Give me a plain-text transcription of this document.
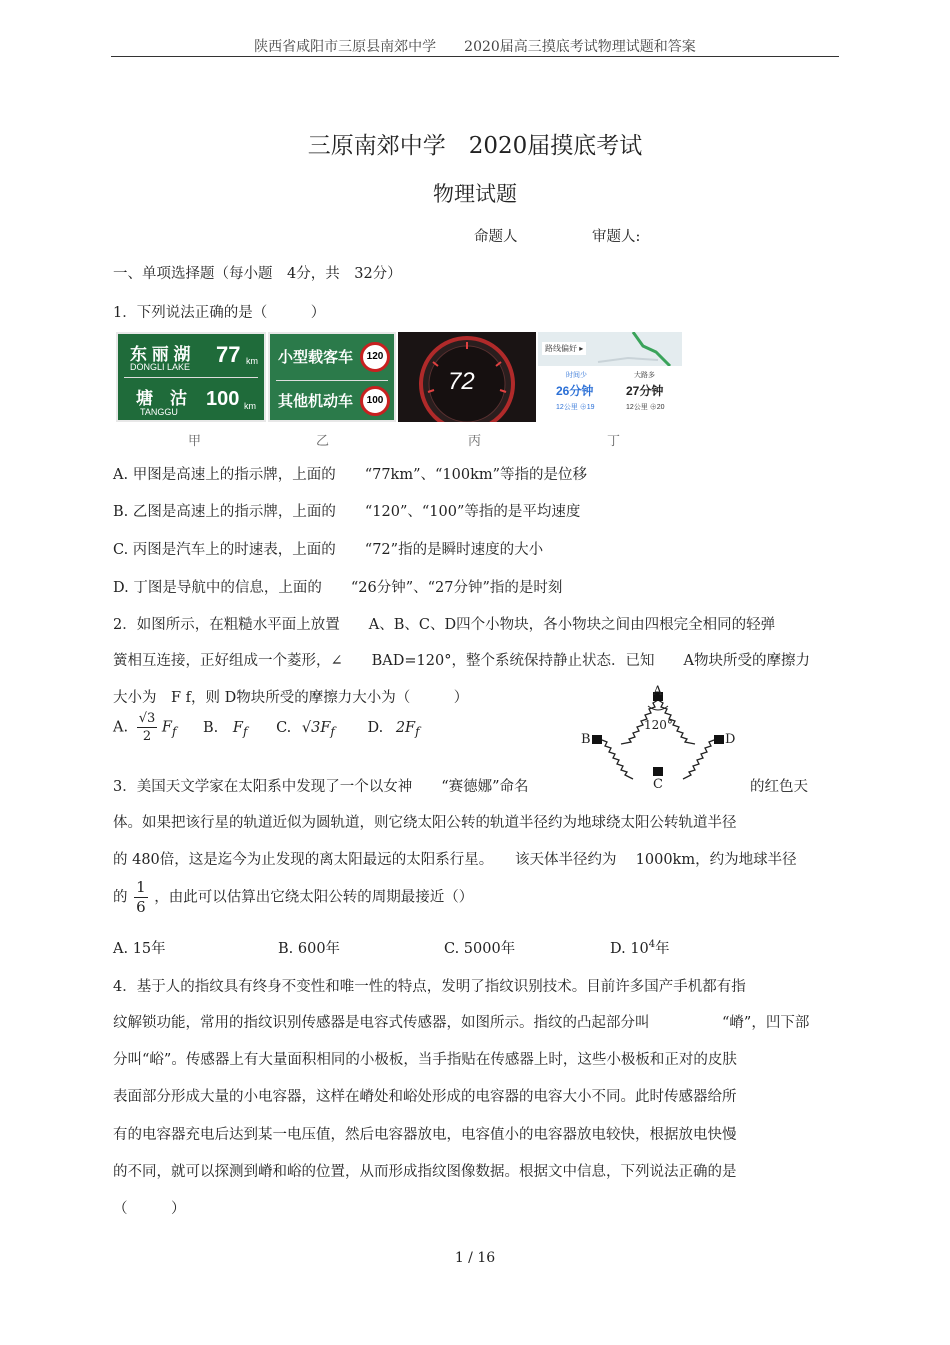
陕西省咸阳市三原县南郊中学　　2020届高三摸底考试物理试题和答案
三原南郊中学　2020届摸底考试
物理试题
命题人	审题人:
一、单项选择题（每小题　4分，共　32分）
1．下列说法正确的是（　　　）
东 丽 湖
DONGLI LAKE 77 km
塘　沽
TANGGU
100 km
小型载客车	120
其他机动车	100
72
路线偏好 ▸
时间少
26分钟
12公里 ⊕19
大路多
27分钟
12公里 ⊕20
甲	乙	丙	丁
A. 甲图是高速上的指示牌，上面的　　“77km”、“100km”等指的是位移
B. 乙图是高速上的指示牌，上面的　　“120”、“100”等指的是平均速度
C. 丙图是汽车上的时速表，上面的　　“72”指的是瞬时速度的大小
D. 丁图是导航中的信息，上面的　　“26分钟”、“27分钟”指的是时刻
2．如图所示，在粗糙水平面上放置　　A、B、C、D四个小物块，各小物块之间由四根完全相同的轻弹
簧相互连接，正好组成一个菱形，∠　　BAD=120°，整个系统保持静止状态．已知　　A物块所受的摩擦力
大小为　F f，则 D物块所受的摩擦力大小为（　　　）
A. $\frac{√3}{2} F_f$ B. $F_f$ C. $√3F_f$ D. $2F_f$
A
B	D
C
120°
3．美国天文学家在太阳系中发现了一个以女神　　“赛德娜”命名	的红色天
体。如果把该行星的轨道近似为圆轨道，则它绕太阳公转的轨道半径约为地球绕太阳公转轨道半径
的 480倍，这是迄今为止发现的离太阳最远的太阳系行星。　　该天体半径约为　 1000km，约为地球半径
的 $\frac{1}{6}$ ，由此可以估算出它绕太阳公转的周期最接近（）
A. 15年	B. 600年	C. 5000年	D. $10^4$年
4．基于人的指纹具有终身不变性和唯一性的特点，发明了指纹识别技术。目前许多国产手机都有指
纹解锁功能，常用的指纹识别传感器是电容式传感器，如图所示。指纹的凸起部分叫　　　　　“嵴”，凹下部
分叫“峪”。传感器上有大量面积相同的小极板，当手指贴在传感器上时，这些小极板和正对的皮肤
表面部分形成大量的小电容器，这样在嵴处和峪处形成的电容器的电容大小不同。此时传感器给所
有的电容器充电后达到某一电压值，然后电容器放电，电容值小的电容器放电较快，根据放电快慢
的不同，就可以探测到嵴和峪的位置，从而形成指纹图像数据。根据文中信息，下列说法正确的是
（　　　）
1 / 16
